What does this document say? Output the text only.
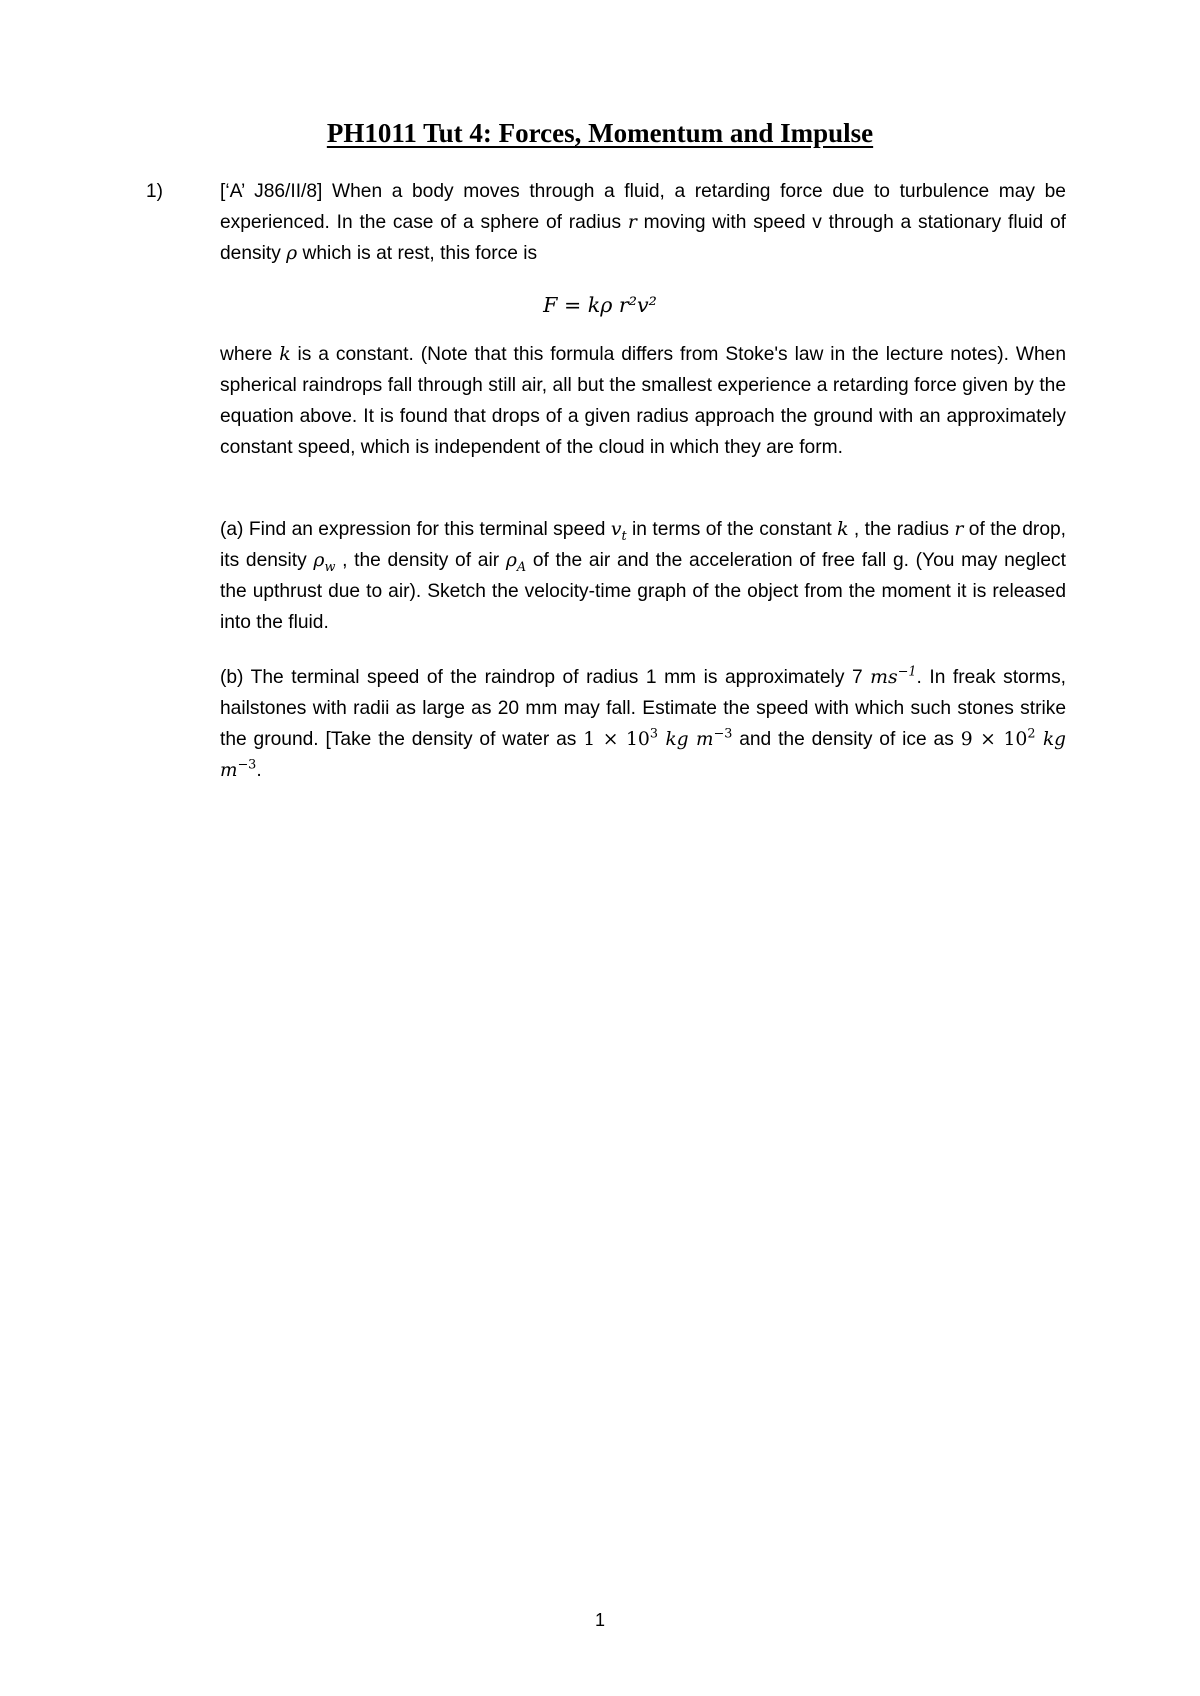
PH1011 Tut 4: Forces, Momentum and Impulse
1)	[‘A’ J86/II/8] When a body moves through a fluid, a retarding force due to turbulence may be experienced. In the case of a sphere of radius r moving with speed v through a stationary fluid of density ρ which is at rest, this force is
F = kρ r²v²
where k is a constant. (Note that this formula differs from Stoke's law in the lecture notes). When spherical raindrops fall through still air, all but the smallest experience a retarding force given by the equation above. It is found that drops of a given radius approach the ground with an approximately constant speed, which is independent of the cloud in which they are form.
(a) Find an expression for this terminal speed $v_t$ in terms of the constant k , the radius r of the drop, its density $\rho_w$ , the density of air $\rho_A$ of the air and the acceleration of free fall g. (You may neglect the upthrust due to air). Sketch the velocity-time graph of the object from the moment it is released into the fluid.
(b) The terminal speed of the raindrop of radius 1 mm is approximately 7 $ms^{-1}$. In freak storms, hailstones with radii as large as 20 mm may fall. Estimate the speed with which such stones strike the ground. [Take the density of water as $1 \times 10^3$ kg $m^{-3}$ and the density of ice as $9 \times 10^2$ kg $m^{-3}$.
1
